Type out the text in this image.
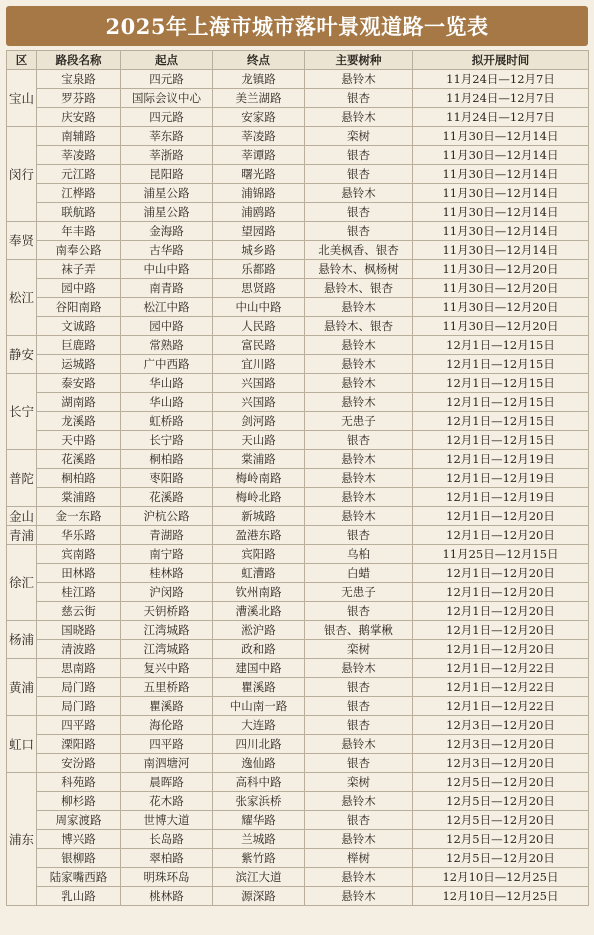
2025年上海市城市落叶景观道路一览表
区	路段名称	起点	终点	主要树种	拟开展时间
宝山	宝泉路	四元路	龙镇路	悬铃木	11月24日—12月7日
	罗芬路	国际会议中心	美兰湖路	银杏	11月24日—12月7日
	庆安路	四元路	安家路	悬铃木	11月24日—12月7日
闵行	南辅路	莘东路	莘凌路	栾树	11月30日—12月14日
	莘凌路	莘浙路	莘谭路	银杏	11月30日—12月14日
	元江路	昆阳路	曙光路	银杏	11月30日—12月14日
	江桦路	浦星公路	浦锦路	悬铃木	11月30日—12月14日
	联航路	浦星公路	浦鸥路	银杏	11月30日—12月14日
奉贤	年丰路	金海路	望园路	银杏	11月30日—12月14日
	南奉公路	古华路	城乡路	北美枫香、银杏	11月30日—12月14日
松江	袜子弄	中山中路	乐都路	悬铃木、枫杨树	11月30日—12月20日
	园中路	南青路	思贤路	悬铃木、银杏	11月30日—12月20日
	谷阳南路	松江中路	中山中路	悬铃木	11月30日—12月20日
	文诚路	园中路	人民路	悬铃木、银杏	11月30日—12月20日
静安	巨鹿路	常熟路	富民路	悬铃木	12月1日—12月15日
	运城路	广中西路	宜川路	悬铃木	12月1日—12月15日
长宁	泰安路	华山路	兴国路	悬铃木	12月1日—12月15日
	湖南路	华山路	兴国路	悬铃木	12月1日—12月15日
	龙溪路	虹桥路	剑河路	无患子	12月1日—12月15日
	天中路	长宁路	天山路	银杏	12月1日—12月15日
普陀	花溪路	桐柏路	棠浦路	悬铃木	12月1日—12月19日
	桐柏路	枣阳路	梅岭南路	悬铃木	12月1日—12月19日
	棠浦路	花溪路	梅岭北路	悬铃木	12月1日—12月19日
金山	金一东路	沪杭公路	新城路	悬铃木	12月1日—12月20日
青浦	华乐路	青湖路	盈港东路	银杏	12月1日—12月20日
徐汇	宾南路	南宁路	宾阳路	乌桕	11月25日—12月15日
	田林路	桂林路	虹漕路	白蜡	12月1日—12月20日
	桂江路	沪闵路	钦州南路	无患子	12月1日—12月20日
	慈云街	天钥桥路	漕溪北路	银杏	12月1日—12月20日
杨浦	国晓路	江湾城路	淞沪路	银杏、鹅掌楸	12月1日—12月20日
	清波路	江湾城路	政和路	栾树	12月1日—12月20日
黄浦	思南路	复兴中路	建国中路	悬铃木	12月1日—12月22日
	局门路	五里桥路	瞿溪路	银杏	12月1日—12月22日
	局门路	瞿溪路	中山南一路	银杏	12月1日—12月22日
虹口	四平路	海伦路	大连路	银杏	12月3日—12月20日
	溧阳路	四平路	四川北路	悬铃木	12月3日—12月20日
	安汾路	南泗塘河	逸仙路	银杏	12月3日—12月20日
浦东	科苑路	晨晖路	高科中路	栾树	12月5日—12月20日
	柳杉路	花木路	张家浜桥	悬铃木	12月5日—12月20日
	周家渡路	世博大道	耀华路	银杏	12月5日—12月20日
	博兴路	长岛路	兰城路	悬铃木	12月5日—12月20日
	银柳路	翠柏路	紫竹路	榉树	12月5日—12月20日
	陆家嘴西路	明珠环岛	滨江大道	悬铃木	12月10日—12月25日
	乳山路	桃林路	源深路	悬铃木	12月10日—12月25日
